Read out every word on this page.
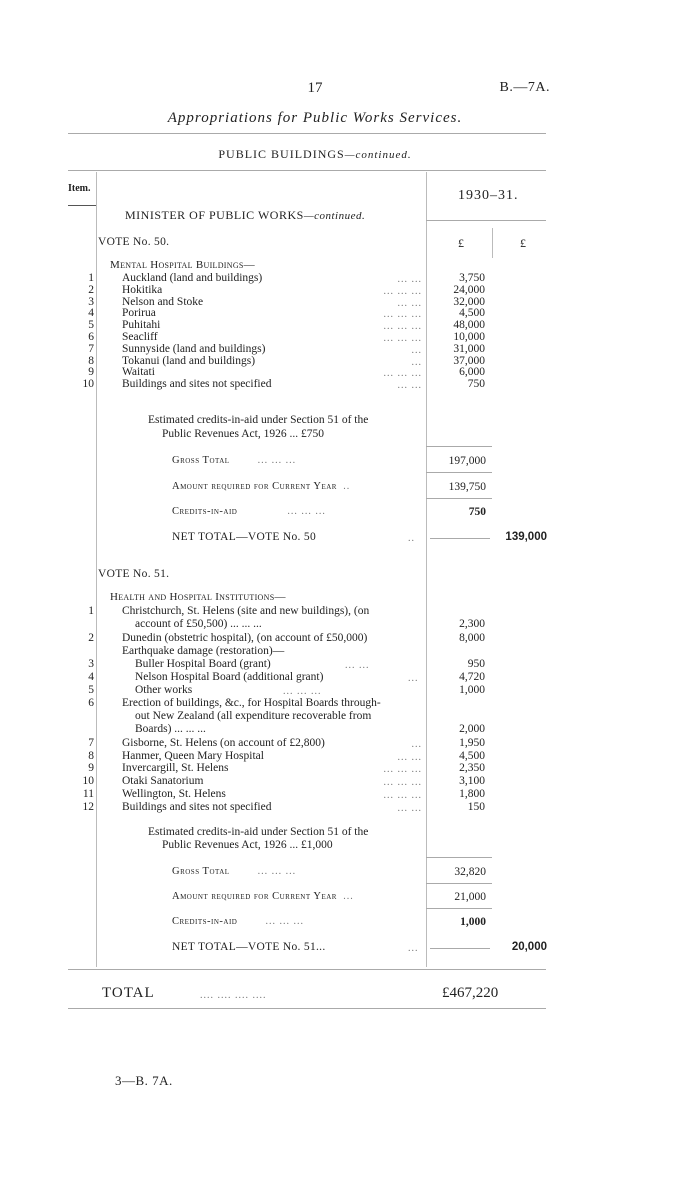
17	B.—7A.
Appropriations for Public Works Services.
PUBLIC BUILDINGS—continued.
Item.	1930–31.
MINISTER OF PUBLIC WORKS—continued.
VOTE No. 50.	£	£
Mental Hospital Buildings—
1 Auckland (land and buildings)	3,750
... ...
2 Hokitika	24,000
... ... ...
3 Nelson and Stoke	32,000
... ...
4 Porirua	4,500
... ... ...
5 Puhitahi	48,000
... ... ...
6 Seacliff	10,000
... ... ...
7 Sunnyside (land and buildings)	31,000
...
8 Tokanui (land and buildings)	37,000
...
9 Waitati	6,000
... ... ...
10 Buildings and sites not specified	750
... ...
Estimated credits-in-aid under Section 51 of the
Public Revenues Act, 1926 ... £750
Gross Total	... ... ...	197,000
Amount required for Current Year ..	139,750
Credits-in-aid	... ... ...	750
NET TOTAL—VOTE No. 50	..	139,000
VOTE No. 51.
Health and Hospital Institutions—
1 Christchurch, St. Helens (site and new buildings), (on
account of £50,500) ... ... ...	2,300
2 Dunedin (obstetric hospital), (on account of £50,000)	8,000
Earthquake damage (restoration)—
3	Buller Hospital Board (grant)	... ...	950
4	Nelson Hospital Board (additional grant)	...	4,720
5	Other works	... ... ...	1,000
6 Erection of buildings, &c., for Hospital Boards through-
out New Zealand (all expenditure recoverable from
Boards) ... ... ...	2,000
7 Gisborne, St. Helens (on account of £2,800)	1,950
...
8 Hanmer, Queen Mary Hospital	4,500
... ...
9 Invercargill, St. Helens	2,350
... ... ...
10 Otaki Sanatorium	3,100
... ... ...
11 Wellington, St. Helens	1,800
... ... ...
12 Buildings and sites not specified	150
... ...
Estimated credits-in-aid under Section 51 of the
Public Revenues Act, 1926 ... £1,000
Gross Total	... ... ...	32,820
Amount required for Current Year ...	21,000
Credits-in-aid	... ... ...	1,000
NET TOTAL—VOTE No. 51...	...	20,000
TOTAL	.... .... .... ....	£467,220
3—B. 7A.
